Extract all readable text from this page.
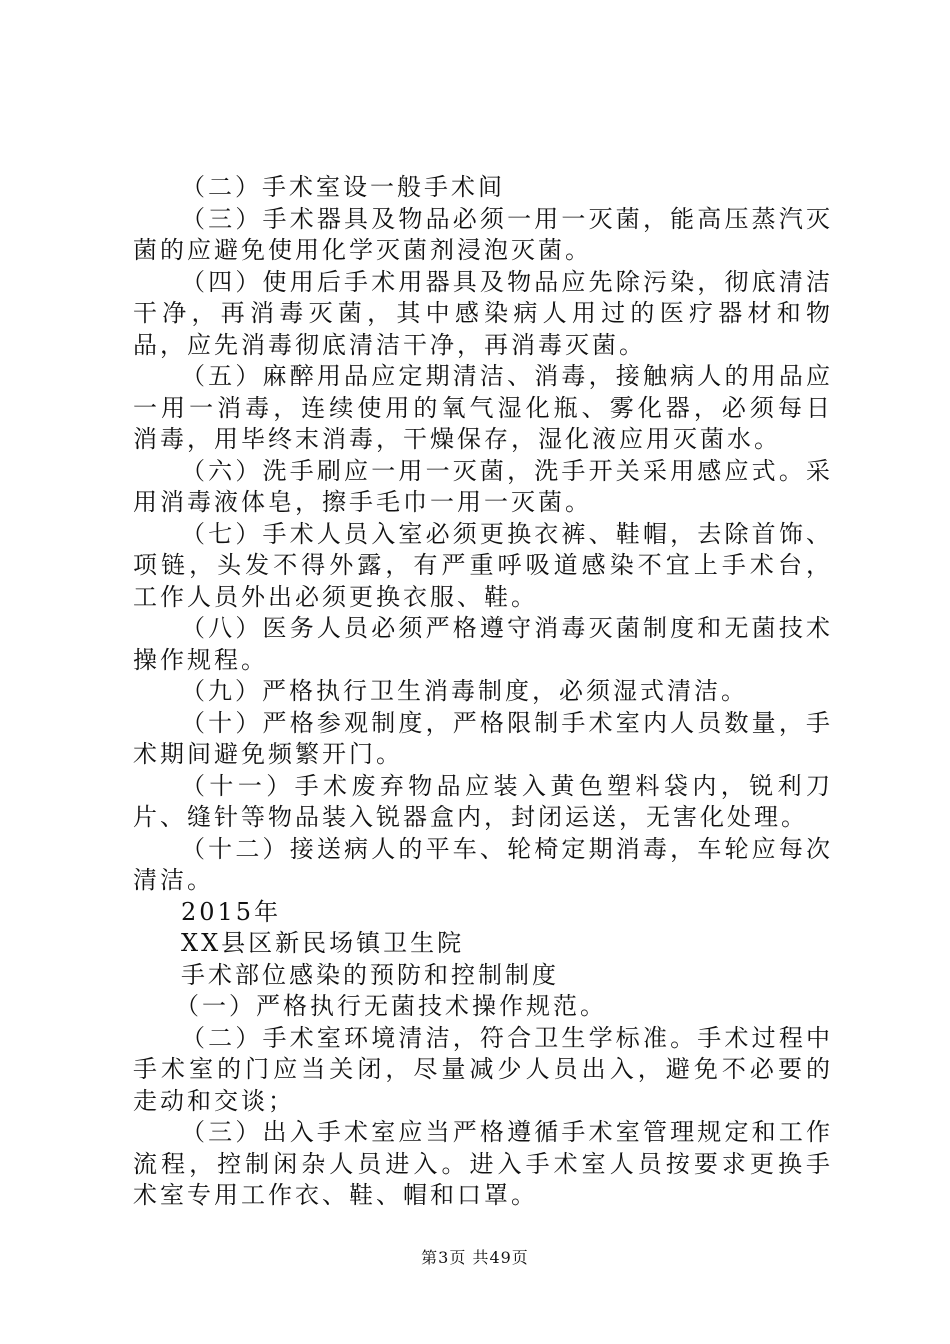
（二）手术室设一般手术间

（三）手术器具及物品必须一用一灭菌，能高压蒸汽灭菌的应避免使用化学灭菌剂浸泡灭菌。

（四）使用后手术用器具及物品应先除污染，彻底清洁干净，再消毒灭菌，其中感染病人用过的医疗器材和物品，应先消毒彻底清洁干净，再消毒灭菌。

（五）麻醉用品应定期清洁、消毒，接触病人的用品应一用一消毒，连续使用的氧气湿化瓶、雾化器，必须每日消毒，用毕终末消毒，干燥保存，湿化液应用灭菌水。

（六）洗手刷应一用一灭菌，洗手开关采用感应式。采用消毒液体皂，擦手毛巾一用一灭菌。

（七）手术人员入室必须更换衣裤、鞋帽，去除首饰、项链，头发不得外露，有严重呼吸道感染不宜上手术台，工作人员外出必须更换衣服、鞋。

（八）医务人员必须严格遵守消毒灭菌制度和无菌技术操作规程。

（九）严格执行卫生消毒制度，必须湿式清洁。

（十）严格参观制度，严格限制手术室内人员数量，手术期间避免频繁开门。

（十一）手术废弃物品应装入黄色塑料袋内，锐利刀片、缝针等物品装入锐器盒内，封闭运送，无害化处理。

（十二）接送病人的平车、轮椅定期消毒，车轮应每次清洁。

2015年

XX县区新民场镇卫生院

手术部位感染的预防和控制制度

（一）严格执行无菌技术操作规范。

（二）手术室环境清洁，符合卫生学标准。手术过程中手术室的门应当关闭，尽量减少人员出入，避免不必要的走动和交谈；

（三）出入手术室应当严格遵循手术室管理规定和工作流程，控制闲杂人员进入。进入手术室人员按要求更换手术室专用工作衣、鞋、帽和口罩。

第3页 共49页
